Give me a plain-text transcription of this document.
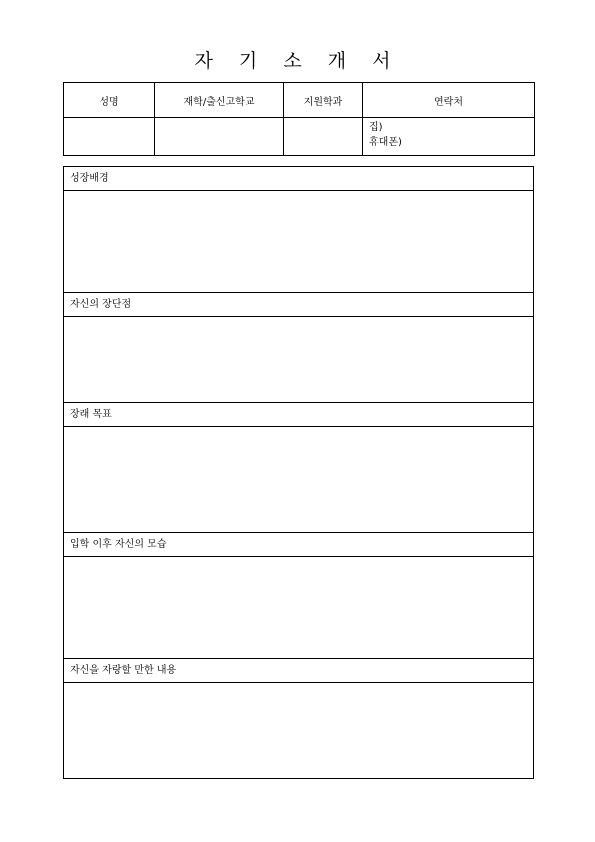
자 기 소 개 서
성명	재학/출신고학교	지원학과	연락처

			집)
휴대폰)
성장배경
자신의 장단점
장래 목표
입학 이후 자신의 모습
자신을 자랑할 만한 내용
